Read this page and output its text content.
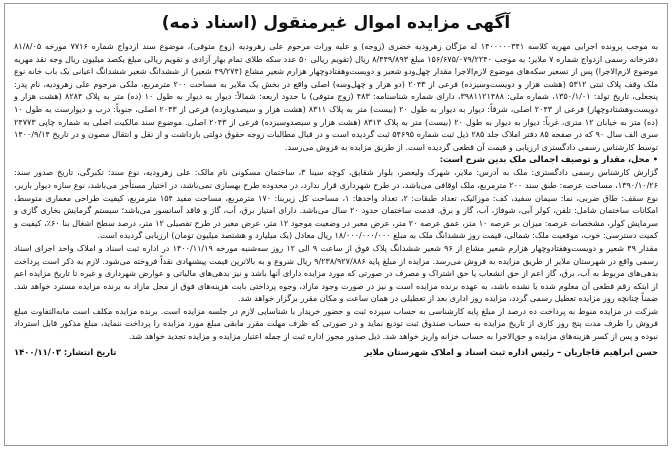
آگهی مزایده اموال غیرمنقول (اسناد ذمه)

به موجب پرونده اجرایی مهریه کلاسه ۱۴۰۰۰۰۰۳۴۱ له مژگان زهرودیه خضری (زوجه) و علیه وراث مرحوم علی زهرودیه (زوج متوفی)، موضوع سند ازدواج شماره ۷۷۱۶ مورخه ۸۱/۸/۰۵ دفترخانه رسمی ازدواج شماره ۷ ملایر؛ به موجب ۱۵۶/۶۷۵/۰۷۹/۲۲۴۰ مبلغ ۸/۴۴۹/۸۹۳ ریال (تقویم ریالی ۵۰ عدد سکه طلای تمام بهار آزادی و تقویم ریالی مبلغ یکصد میلیون ریال وجه نقد مهریه موضوع لازم‌الاجرا) پس از تسعیر سکه‌های موضوع لازم‌الاجرا مقدار چهل‌ودو شعیر و دویست‌وهفتادوچهار هزارم شعیر مشاع (۴۹/۲۷۴ شعیر) از ششدانگ شعیر ششدانگ اعیانی یک باب خانه نوع ملک وقف پلاک ثبتی ۵۳۱۲ (هشت هزار و دویست‌وسیزده) فرعی از ۲۰۴۳ (دو هزار و چهل‌وسه) اصلی واقع در بخش یک ملایر به مساحت ۲۰۰ مترمربع، ملکی مرحوم علی زهرودیه، نام پدر: پنجعلی، تاریخ تولد: ۱۳۵۰/۱/۰۱، شماره ملی: ۳۹۸۱۱۲۱۴۸۸، دارای شماره شناسنامه: ۴۸۳ (زوج متوفی) با حدود اربعه: شمالاً: دیوار به دیوار به طول ۱۰ (ده) متر به پلاک ۸۲۸۴ (هشت هزار و دویست‌وهشتادوچهار) فرعی از ۲۰۴۳ اصلی، شرقاً: دیوار به دیوار به طول ۲۰ (بیست) متر به پلاک ۸۳۱۱ (هشت هزار و سیصدویازده) فرعی از ۲۰۴۳ اصلی، جنوباً: درب و دیوارست به طول ۱۰ (ده) متر به خیابان ۱۲ متری، غرباً: دیوار به دیوار به طول ۲۰ (بیست) متر به پلاک ۸۳۱۳ (هشت هزار و سیصدوسیزده) فرعی از ۲۰۴۳ اصلی. موضوع سند مالکیت اصلی به شماره چاپی ۲۴۷۷۳ سری الف سال ۹۰ که در صفحه ۸۵ دفتر املاک جلد ۲۸۵ ذیل ثبت شماره ۵۴۶۹۵ ثبت گردیده است و در قبال مطالبات زوجه حقوق دولتی بازداشت و از نقل و انتقال مصون و در تاریخ ۱۴۰۰/۹/۱۴ توسط کارشناس رسمی دادگستری ارزیابی و قیمت آن قطعی گردیده است. از طریق مزایده به فروش می‌رسد.

•محل، مقدار و توصیف اجمالی ملک بدین شرح است:

گزارش کارشناس رسمی دادگستری: ملک به آدرس: ملایر، شهرک ولیعصر، بلوار شقایق، کوچه سینا ۳، ساختمان مسکونی نام مالک: علی زهرودیه، نوع سند: تکبرگی، تاریخ صدور سند: ۱۳۹۰/۱۰/۲۶، مساحت عرصه: طبق سند ۲۰۰ مترمربع، ملک اوقافی می‌باشد، در طرح شهرداری قرار ندارد، در محدوده طرح بهسازی نمی‌باشد، در اختیار مستأجر می‌باشد، نوع سازه دیوار باربر، نوع سقف: طاق ضربی، نما: سیمان سفید، کف: موزائیک، تعداد طبقات: ۲، تعداد واحدها: ۱، مساحت کل زیربنا: ۱۷۰ مترمربع، مساحت مفید ۱۵۴ مترمربع، کیفیت طراحی معماری متوسط، امکانات ساختمان شامل: تلفن، کولر آبی، شوفاژ، آب، گاز و برق. قدمت ساختمان حدود ۲۰ سال می‌باشد. دارای امتیاز برق، آب، گاز و فاقد آسانسور می‌باشد؛ سیستم گرمایش بخاری گازی و سرمایش کولر، مشخصات عرصه: میزان بر عرصه ۱۰ متر، عمق عرصه ۲۰ متر، عرض معبر در وضعیت موجود ۱۲ متر، عرض معبر در طرح تفصیلی ۱۲ متر، درصد سطح اشغال بنا ۶۰٪، کیفیت و کمیت دسترسی: خوب، موقعیت ملک: شمالی، قیمت روز ششدانگ ملک به مبلغ ۱۸/۰۰۰/۰۰۰/۰۰۰ ریال معادل (یک میلیارد و هشتصد میلیون تومان) ارزیابی گردیده است.

مقدار ۴۹ شعیر و دویست‌وهفتادوچهار هزارم شعیر مشاع از ۹۶ شعیر ششدانگ پلاک فوق از ساعت ۹ الی ۱۲ روز سه‌شنبه مورخه ۱۴۰۰/۱۱/۱۹ در اداره ثبت اسناد و املاک واحد اجرای اسناد رسمی واقع در شهرستان ملایر از طریق مزایده به فروش می‌رسد. مزایده از مبلغ پایه ۹/۲۳۸/۹۲۷/۸۸۶ ریال شروع و به بالاترین قیمت پیشنهادی نقداً فروخته می‌شود. لازم به ذکر است پرداخت بدهی‌های مربوط به آب، برق، گاز اعم از حق انشعاب یا حق اشتراک و مصرف در صورتی که مورد مزایده دارای آنها باشد و نیز بدهی‌های مالیاتی و عوارض شهرداری و غیره تا تاریخ مزایده اعم از اینکه رقم قطعی آن معلوم شده یا نشده باشد، به عهده برنده مزایده است و نیز در صورت وجود مازاد، وجوه پرداختی بابت هزینه‌های فوق از محل مازاد به برنده مزایده مسترد خواهد شد. ضمناً چنانچه روز مزایده تعطیل رسمی گردد، مزایده روز اداری بعد از تعطیلی در همان ساعت و مکان مقرر برگزار خواهد شد.

شرکت در مزایده منوط به پرداخت ده درصد از مبلغ پایه کارشناسی به حساب سپرده ثبت و حضور خریدار با شناسایی لازم در جلسه مزایده است. برنده مزایده مکلف است مابه‌التفاوت مبلغ فروش را ظرف مدت پنج روز کاری از تاریخ مزایده به حساب صندوق ثبت تودیع نماید و در صورتی که ظرف مهلت مقرر مابقی مبلغ مورد مزایده را پرداخت ننماید، مبلغ مذکور قابل استرداد نبوده و پس از کسر هزینه‌های مزایده و حق‌الاجرا به حساب خزانه واریز خواهد شد. ذیل صدور مجوز اداره ثبت از جمله اعتبار مزایده و مزایده تجدید خواهد شد.

حسن ابراهیم قاجاریان – رئیس اداره ثبت اسناد و املاک شهرستان ملایر
تاریخ انتشار: ۱۴۰۰/۱۱/۰۳
